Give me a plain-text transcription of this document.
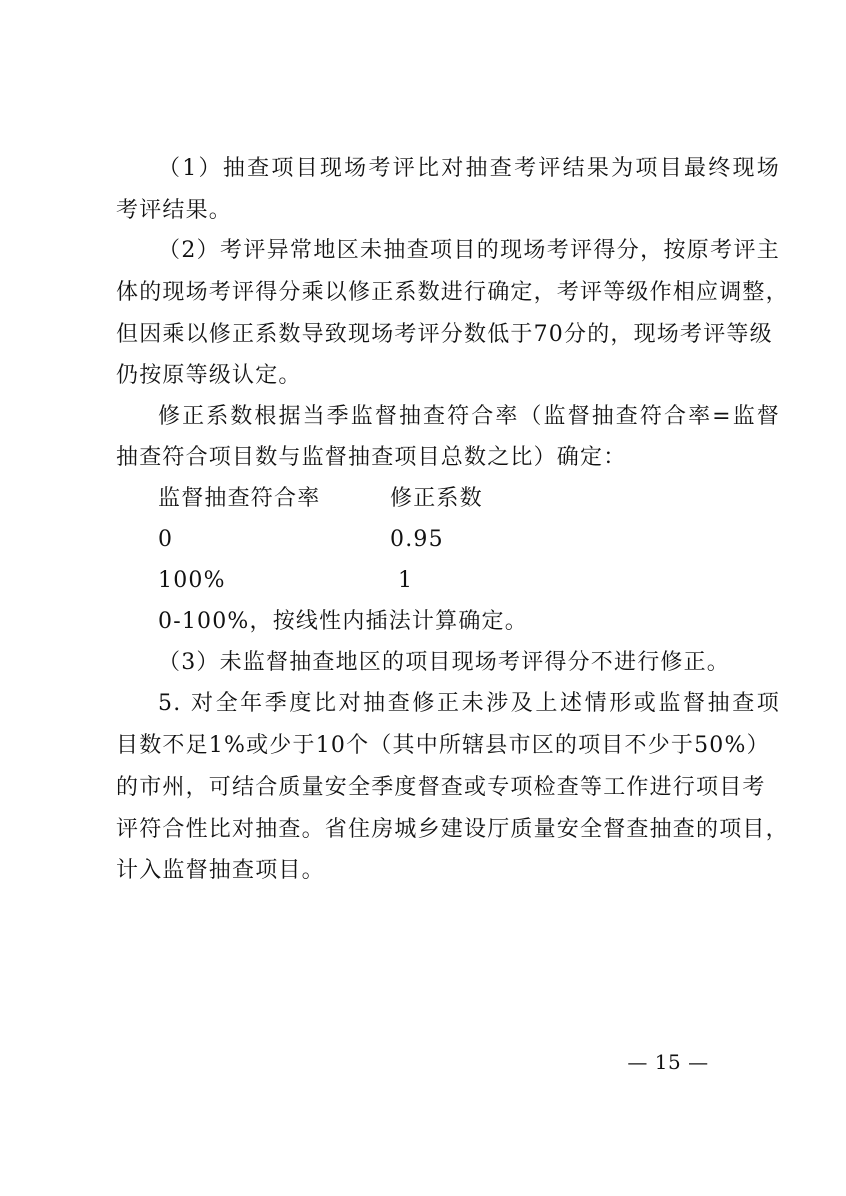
（1）抽查项目现场考评比对抽查考评结果为项目最终现场
考评结果。
（2）考评异常地区未抽查项目的现场考评得分，按原考评主
体的现场考评得分乘以修正系数进行确定，考评等级作相应调整，
但因乘以修正系数导致现场考评分数低于70分的，现场考评等级
仍按原等级认定。
修正系数根据当季监督抽查符合率（监督抽查符合率=监督
抽查符合项目数与监督抽查项目总数之比）确定：
监督抽查符合率	修正系数
0	0.95
100%	1
0-100%，按线性内插法计算确定。
（3）未监督抽查地区的项目现场考评得分不进行修正。
5. 对全年季度比对抽查修正未涉及上述情形或监督抽查项
目数不足1%或少于10个（其中所辖县市区的项目不少于50%）
的市州，可结合质量安全季度督查或专项检查等工作进行项目考
评符合性比对抽查。省住房城乡建设厅质量安全督查抽查的项目，
计入监督抽查项目。
— 15 —
